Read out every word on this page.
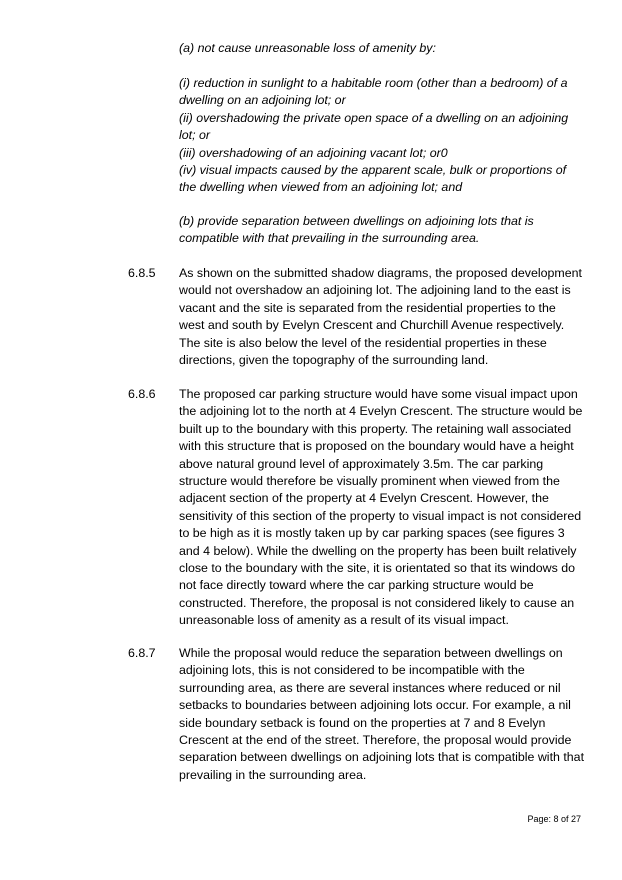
(a) not cause unreasonable loss of amenity by:

(i) reduction in sunlight to a habitable room (other than a bedroom) of a dwelling on an adjoining lot; or

(ii) overshadowing the private open space of a dwelling on an adjoining lot; or

(iii) overshadowing of an adjoining vacant lot; or0

(iv) visual impacts caused by the apparent scale, bulk or proportions of the dwelling when viewed from an adjoining lot; and

(b) provide separation between dwellings on adjoining lots that is compatible with that prevailing in the surrounding area.

6.8.5 As shown on the submitted shadow diagrams, the proposed development would not overshadow an adjoining lot. The adjoining land to the east is vacant and the site is separated from the residential properties to the west and south by Evelyn Crescent and Churchill Avenue respectively. The site is also below the level of the residential properties in these directions, given the topography of the surrounding land.

6.8.6 The proposed car parking structure would have some visual impact upon the adjoining lot to the north at 4 Evelyn Crescent. The structure would be built up to the boundary with this property. The retaining wall associated with this structure that is proposed on the boundary would have a height above natural ground level of approximately 3.5m. The car parking structure would therefore be visually prominent when viewed from the adjacent section of the property at 4 Evelyn Crescent. However, the sensitivity of this section of the property to visual impact is not considered to be high as it is mostly taken up by car parking spaces (see figures 3 and 4 below). While the dwelling on the property has been built relatively close to the boundary with the site, it is orientated so that its windows do not face directly toward where the car parking structure would be constructed. Therefore, the proposal is not considered likely to cause an unreasonable loss of amenity as a result of its visual impact.

6.8.7 While the proposal would reduce the separation between dwellings on adjoining lots, this is not considered to be incompatible with the surrounding area, as there are several instances where reduced or nil setbacks to boundaries between adjoining lots occur. For example, a nil side boundary setback is found on the properties at 7 and 8 Evelyn Crescent at the end of the street. Therefore, the proposal would provide separation between dwellings on adjoining lots that is compatible with that prevailing in the surrounding area.

Page: 8 of 27
